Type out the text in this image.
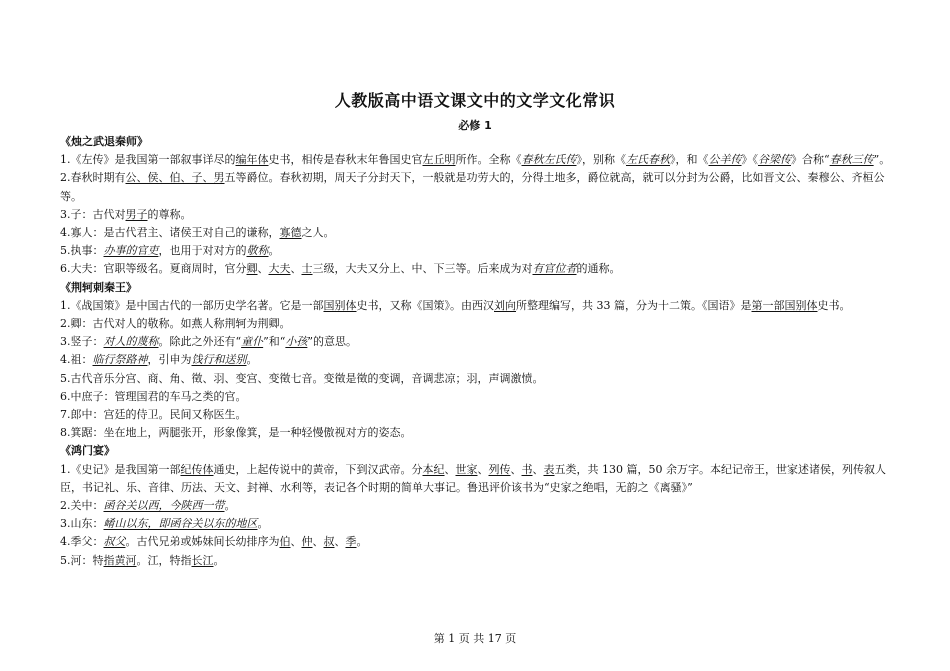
人教版高中语文课文中的文学文化常识
必修 1
《烛之武退秦师》
1.《左传》是我国第一部叙事详尽的编年体史书，相传是春秋末年鲁国史官左丘明所作。全称《春秋左氏传》，别称《左氏春秋》，和《公羊传》《谷梁传》合称“春秋三传”。
2.春秋时期有公、侯、伯、子、男五等爵位。春秋初期，周天子分封天下，一般就是功劳大的，分得土地多，爵位就高，就可以分封为公爵，比如晋文公、秦穆公、齐桓公等。
3.子：古代对男子的尊称。
4.寡人：是古代君主、诸侯王对自己的谦称，寡德之人。
5.执事：办事的官吏，也用于对对方的敬称。
6.大夫：官职等级名。夏商周时，官分卿、大夫、士三级，大夫又分上、中、下三等。后来成为对有官位者的通称。
《荆轲刺秦王》
1.《战国策》是中国古代的一部历史学名著。它是一部国别体史书，又称《国策》。由西汉刘向所整理编写，共 33 篇，分为十二策。《国语》是第一部国别体史书。
2.卿：古代对人的敬称。如燕人称荆轲为荆卿。
3.竖子：对人的蔑称。除此之外还有“童仆”和“小孩”的意思。
4.祖：临行祭路神，引申为饯行和送别。
5.古代音乐分宫、商、角、徵、羽、变宫、变徵七音。变徵是徵的变调，音调悲凉；羽，声调激愤。
6.中庶子：管理国君的车马之类的官。
7.郎中：宫廷的侍卫。民间又称医生。
8.箕踞：坐在地上，两腿张开，形象像箕，是一种轻慢傲视对方的姿态。
《鸿门宴》
1.《史记》是我国第一部纪传体通史，上起传说中的黄帝，下到汉武帝。分本纪、世家、列传、书、表五类，共 130 篇，50 余万字。本纪记帝王，世家述诸侯，列传叙人臣，书记礼、乐、音律、历法、天文、封禅、水利等，表记各个时期的简单大事记。鲁迅评价该书为“史家之绝唱，无韵之《离骚》”
2.关中：函谷关以西，今陕西一带。
3.山东：崤山以东，即函谷关以东的地区。
4.季父：叔父。古代兄弟或姊妹间长幼排序为伯、仲、叔、季。
5.河：特指黄河。江，特指长江。
第 1 页 共 17 页
